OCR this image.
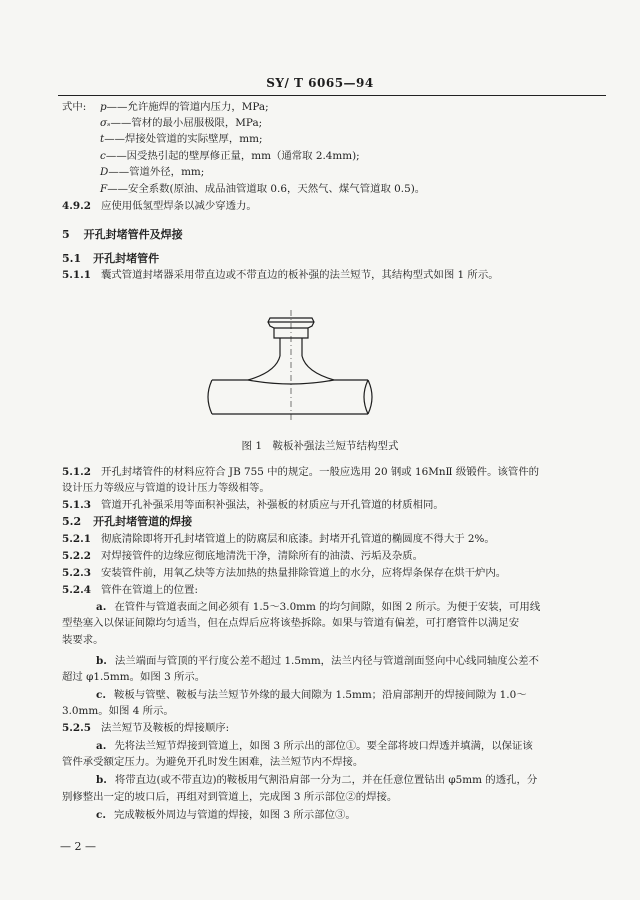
SY/ T 6065—94
式中: p——允许施焊的管道内压力，MPa;
σₛ——管材的最小屈服极限，MPa;
t——焊接处管道的实际壁厚，mm;
c——因受热引起的壁厚修正量，mm（通常取 2.4mm);
D——管道外径，mm;
F——安全系数(原油、成品油管道取 0.6，天然气、煤气管道取 0.5)。
4.9.2 应使用低氢型焊条以减少穿透力。
5 开孔封堵管件及焊接
5.1 开孔封堵管件
5.1.1 囊式管道封堵器采用带直边或不带直边的板补强的法兰短节，其结构型式如图 1 所示。
图 1　鞍板补强法兰短节结构型式
5.1.2 开孔封堵管件的材料应符合 JB 755 中的规定。一般应选用 20 钢或 16MnⅡ 级锻件。该管件的
设计压力等级应与管道的设计压力等级相等。
5.1.3 管道开孔补强采用等面积补强法，补强板的材质应与开孔管道的材质相同。
5.2 开孔封堵管道的焊接
5.2.1 彻底清除即将开孔封堵管道上的防腐层和底漆。封堵开孔管道的椭圆度不得大于 2%。
5.2.2 对焊接管件的边缘应彻底地清洗干净，清除所有的油渍、污垢及杂质。
5.2.3 安装管件前，用氧乙炔等方法加热的热量排除管道上的水分，应将焊条保存在烘干炉内。
5.2.4 管件在管道上的位置:
a. 在管件与管道表面之间必须有 1.5～3.0mm 的均匀间隙，如图 2 所示。为便于安装，可用线
型垫塞入以保证间隙均匀适当，但在点焊后应将该垫拆除。如果与管道有偏差，可打磨管件以满足安
装要求。
b. 法兰端面与管顶的平行度公差不超过 1.5mm，法兰内径与管道剖面竖向中心线同轴度公差不
超过 φ1.5mm。如图 3 所示。
c. 鞍板与管壁、鞍板与法兰短节外缘的最大间隙为 1.5mm；沿肩部割开的焊接间隙为 1.0～
3.0mm。如图 4 所示。
5.2.5 法兰短节及鞍板的焊接顺序:
a. 先将法兰短节焊接到管道上，如图 3 所示出的部位①。要全部将坡口焊透并填满，以保证该
管件承受额定压力。为避免开孔时发生困难，法兰短节内不焊接。
b. 将带直边(或不带直边)的鞍板用气割沿肩部一分为二，并在任意位置钻出 φ5mm 的透孔，分
别修整出一定的坡口后，再组对到管道上，完成图 3 所示部位②的焊接。
c. 完成鞍板外周边与管道的焊接，如图 3 所示部位③。
— 2 —
